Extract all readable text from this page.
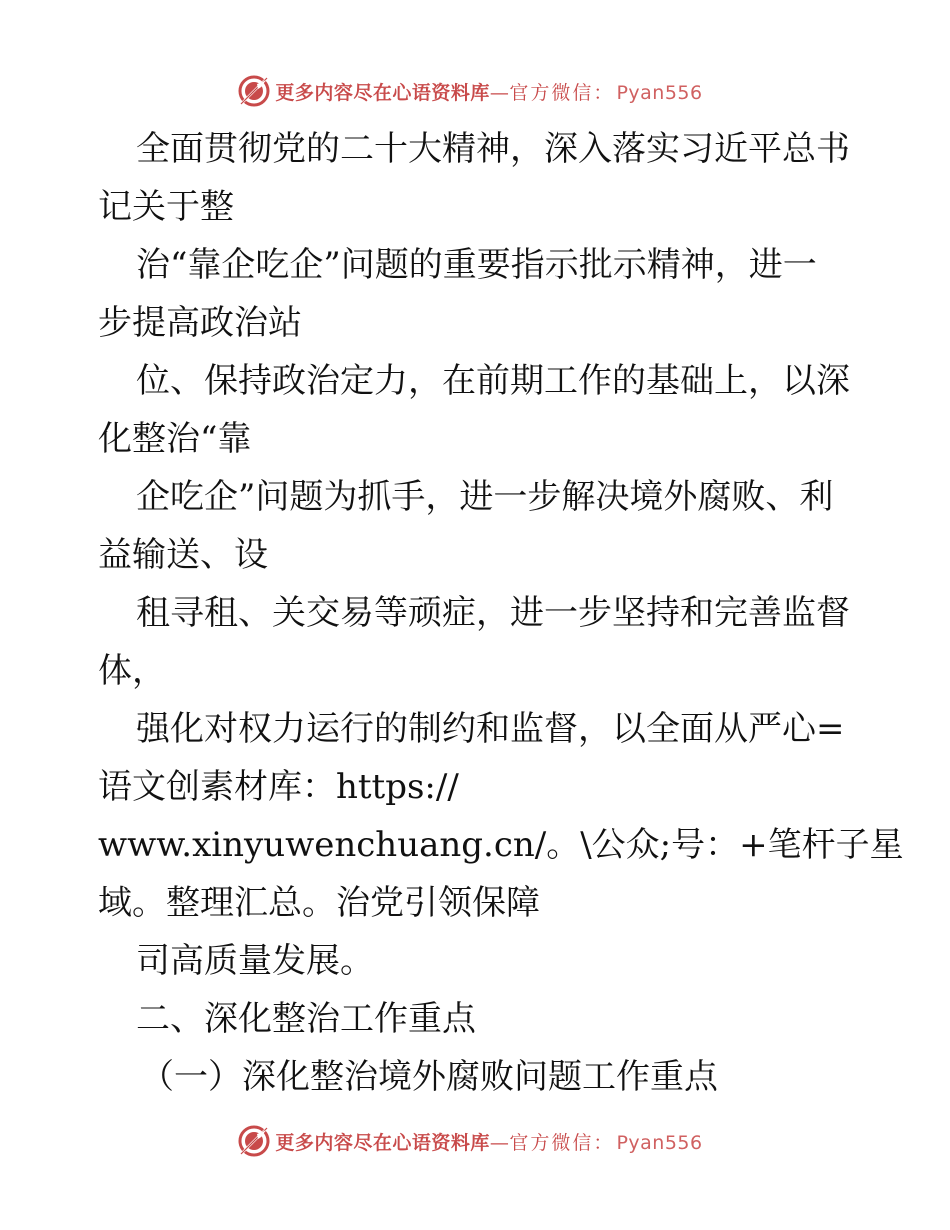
更多内容尽在心语资料库—官方微信： Pyan556
全面贯彻党的二十大精神，深入落实习近平总书
记关于整
治“靠企吃企”问题的重要指示批示精神，进一
步提高政治站
位、保持政治定力，在前期工作的基础上，以深
化整治“靠
企吃企”问题为抓手，进一步解决境外腐败、利
益输送、设
租寻租、关交易等顽症，进一步坚持和完善监督
体，
强化对权力运行的制约和监督，以全面从严心=
语文创素材库：https://
www.xinyuwenchuang.cn/。\公众;号：+笔杆子星
域。整理汇总。治党引领保障
司高质量发展。
二、深化整治工作重点
（一）深化整治境外腐败问题工作重点
更多内容尽在心语资料库—官方微信： Pyan556
